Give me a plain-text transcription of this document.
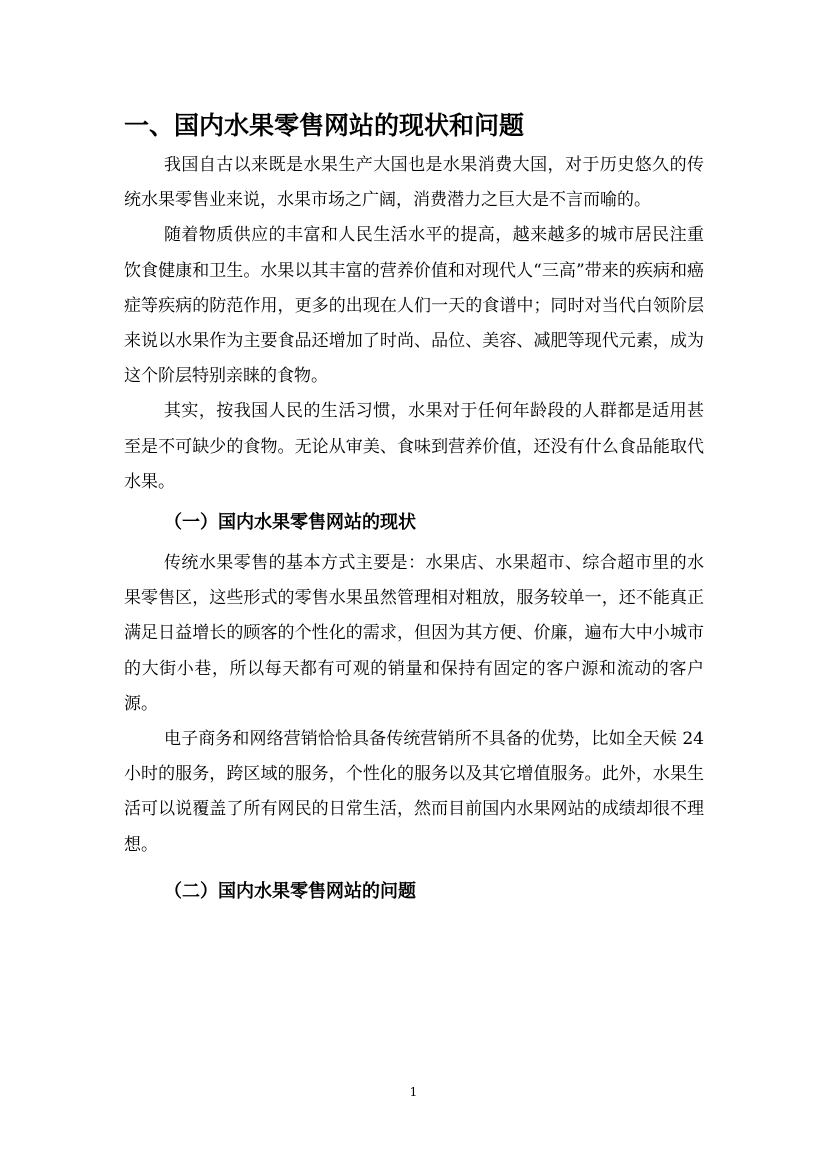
一、国内水果零售网站的现状和问题

我国自古以来既是水果生产大国也是水果消费大国，对于历史悠久的传统水果零售业来说，水果市场之广阔，消费潜力之巨大是不言而喻的。

随着物质供应的丰富和人民生活水平的提高，越来越多的城市居民注重饮食健康和卫生。水果以其丰富的营养价值和对现代人“三高”带来的疾病和癌症等疾病的防范作用，更多的出现在人们一天的食谱中；同时对当代白领阶层来说以水果作为主要食品还增加了时尚、品位、美容、减肥等现代元素，成为这个阶层特别亲睐的食物。

其实，按我国人民的生活习惯，水果对于任何年龄段的人群都是适用甚至是不可缺少的食物。无论从审美、食味到营养价值，还没有什么食品能取代水果。

（一）国内水果零售网站的现状

传统水果零售的基本方式主要是：水果店、水果超市、综合超市里的水果零售区，这些形式的零售水果虽然管理相对粗放，服务较单一，还不能真正满足日益增长的顾客的个性化的需求，但因为其方便、价廉，遍布大中小城市的大街小巷，所以每天都有可观的销量和保持有固定的客户源和流动的客户源。

电子商务和网络营销恰恰具备传统营销所不具备的优势，比如全天候 24 小时的服务，跨区域的服务，个性化的服务以及其它增值服务。此外，水果生活可以说覆盖了所有网民的日常生活，然而目前国内水果网站的成绩却很不理想。

（二）国内水果零售网站的问题
1
